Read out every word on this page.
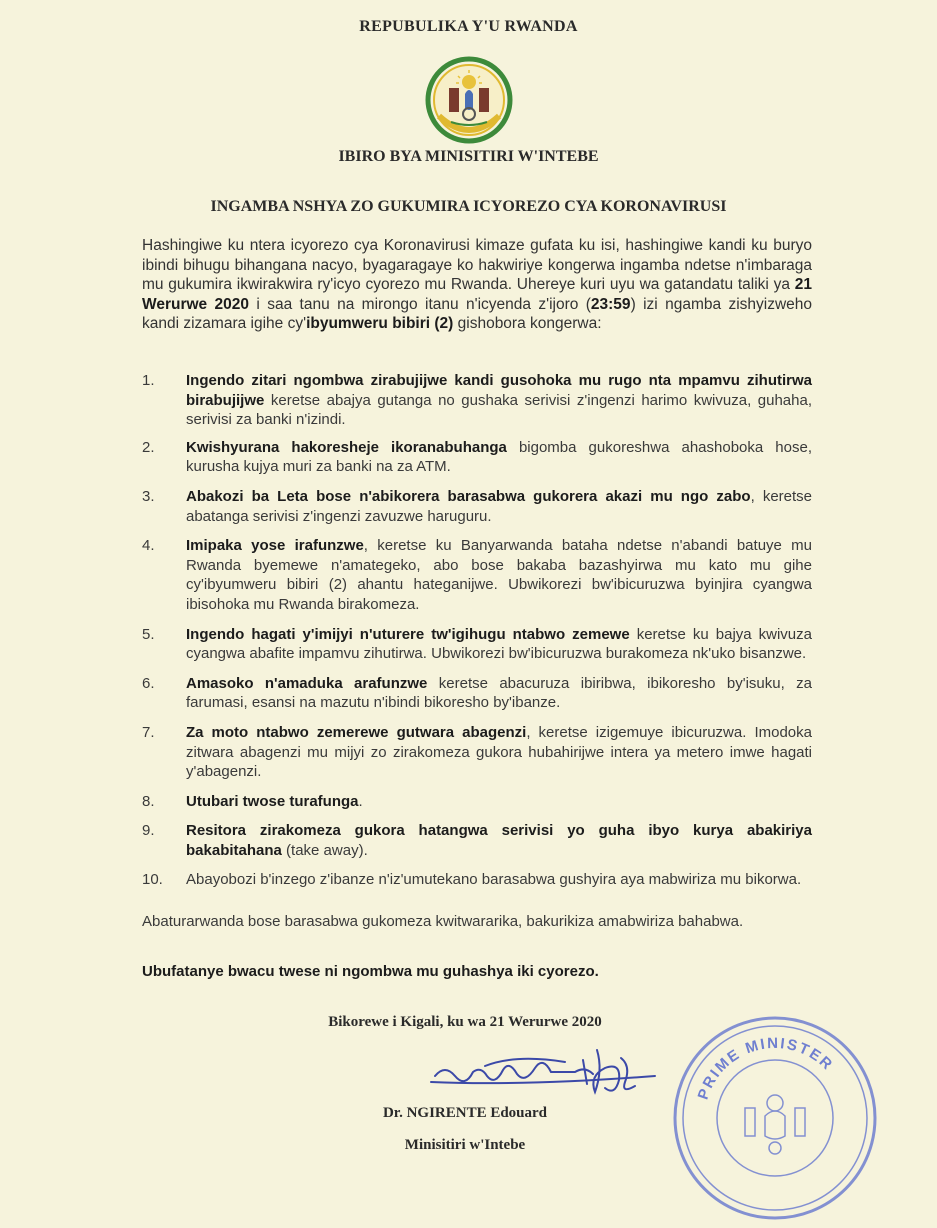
REPUBULIKA Y'U RWANDA
IBIRO BYA MINISITIRI W'INTEBE
INGAMBA NSHYA ZO GUKUMIRA ICYOREZO CYA KORONAVIRUSI
Hashingiwe ku ntera icyorezo cya Koronavirusi kimaze gufata ku isi, hashingiwe kandi ku buryo ibindi bihugu bihangana nacyo, byagaragaye ko hakwiriye kongerwa ingamba ndetse n'imbaraga mu gukumira ikwirakwira ry'icyo cyorezo mu Rwanda. Uhereye kuri uyu wa gatandatu taliki ya 21 Werurwe 2020 i saa tanu na mirongo itanu n'icyenda z'ijoro (23:59) izi ngamba zishyizweho kandi zizamara igihe cy'ibyumweru bibiri (2) gishobora kongerwa:
1.	Ingendo zitari ngombwa zirabujijwe kandi gusohoka mu rugo nta mpamvu zihutirwa birabujijwe keretse abajya gutanga no gushaka serivisi z'ingenzi harimo kwivuza, guhaha, serivisi za banki n'izindi.
2.	Kwishyurana hakoresheje ikoranabuhanga bigomba gukoreshwa ahashoboka hose, kurusha kujya muri za banki na za ATM.
3.	Abakozi ba Leta bose n'abikorera barasabwa gukorera akazi mu ngo zabo, keretse abatanga serivisi z'ingenzi zavuzwe haruguru.
4.	Imipaka yose irafunzwe, keretse ku Banyarwanda bataha ndetse n'abandi batuye mu Rwanda byemewe n'amategeko, abo bose bakaba bazashyirwa mu kato mu gihe cy'ibyumweru bibiri (2) ahantu hateganijwe. Ubwikorezi bw'ibicuruzwa byinjira cyangwa ibisohoka mu Rwanda birakomeza.
5.	Ingendo hagati y'imijyi n'uturere tw'igihugu ntabwo zemewe keretse ku bajya kwivuza cyangwa abafite impamvu zihutirwa. Ubwikorezi bw'ibicuruzwa burakomeza nk'uko bisanzwe.
6.	Amasoko n'amaduka arafunzwe keretse abacuruza ibiribwa, ibikoresho by'isuku, za farumasi, esansi na mazutu n'ibindi bikoresho by'ibanze.
7.	Za moto ntabwo zemerewe gutwara abagenzi, keretse izigemuye ibicuruzwa. Imodoka zitwara abagenzi mu mijyi zo zirakomeza gukora hubahirijwe intera ya metero imwe hagati y'abagenzi.
8.	Utubari twose turafunga.
9.	Resitora zirakomeza gukora hatangwa serivisi yo guha ibyo kurya abakiriya bakabitahana (take away).
10.	Abayobozi b'inzego z'ibanze n'iz'umutekano barasabwa gushyira aya mabwiriza mu bikorwa.
Abaturarwanda bose barasabwa gukomeza kwitwararika, bakurikiza amabwiriza bahabwa.
Ubufatanye bwacu twese ni ngombwa mu guhashya iki cyorezo.
Bikorewe i Kigali, ku wa 21 Werurwe 2020
Dr. NGIRENTE Edouard
Minisitiri w'Intebe
PRIME MINISTER
